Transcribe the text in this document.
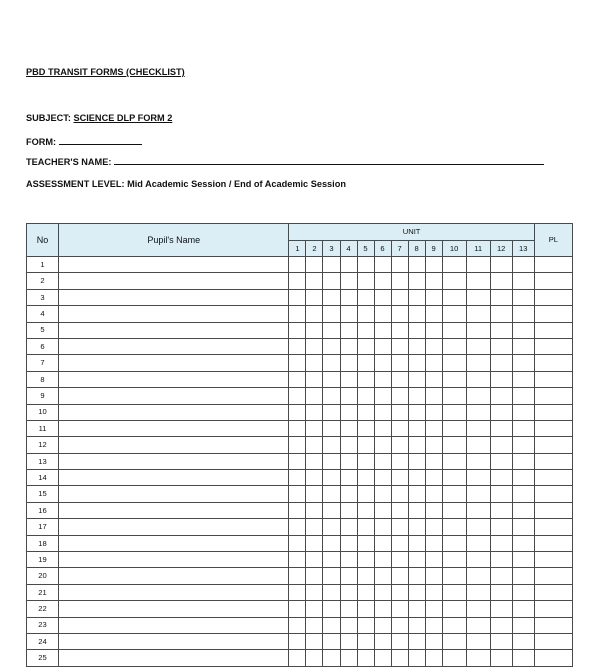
PBD TRANSIT FORMS (CHECKLIST)
SUBJECT: SCIENCE DLP FORM 2
FORM:
TEACHER'S NAME:
ASSESSMENT LEVEL: Mid Academic Session / End of Academic Session
No	Pupil's Name	UNIT													PL
		1	2	3	4	5	6	7	8	9	10	11	12	13	
1															
2															
3															
4															
5															
6															
7															
8															
9															
10															
11															
12															
13															
14															
15															
16															
17															
18															
19															
20															
21															
22															
23															
24															
25															
